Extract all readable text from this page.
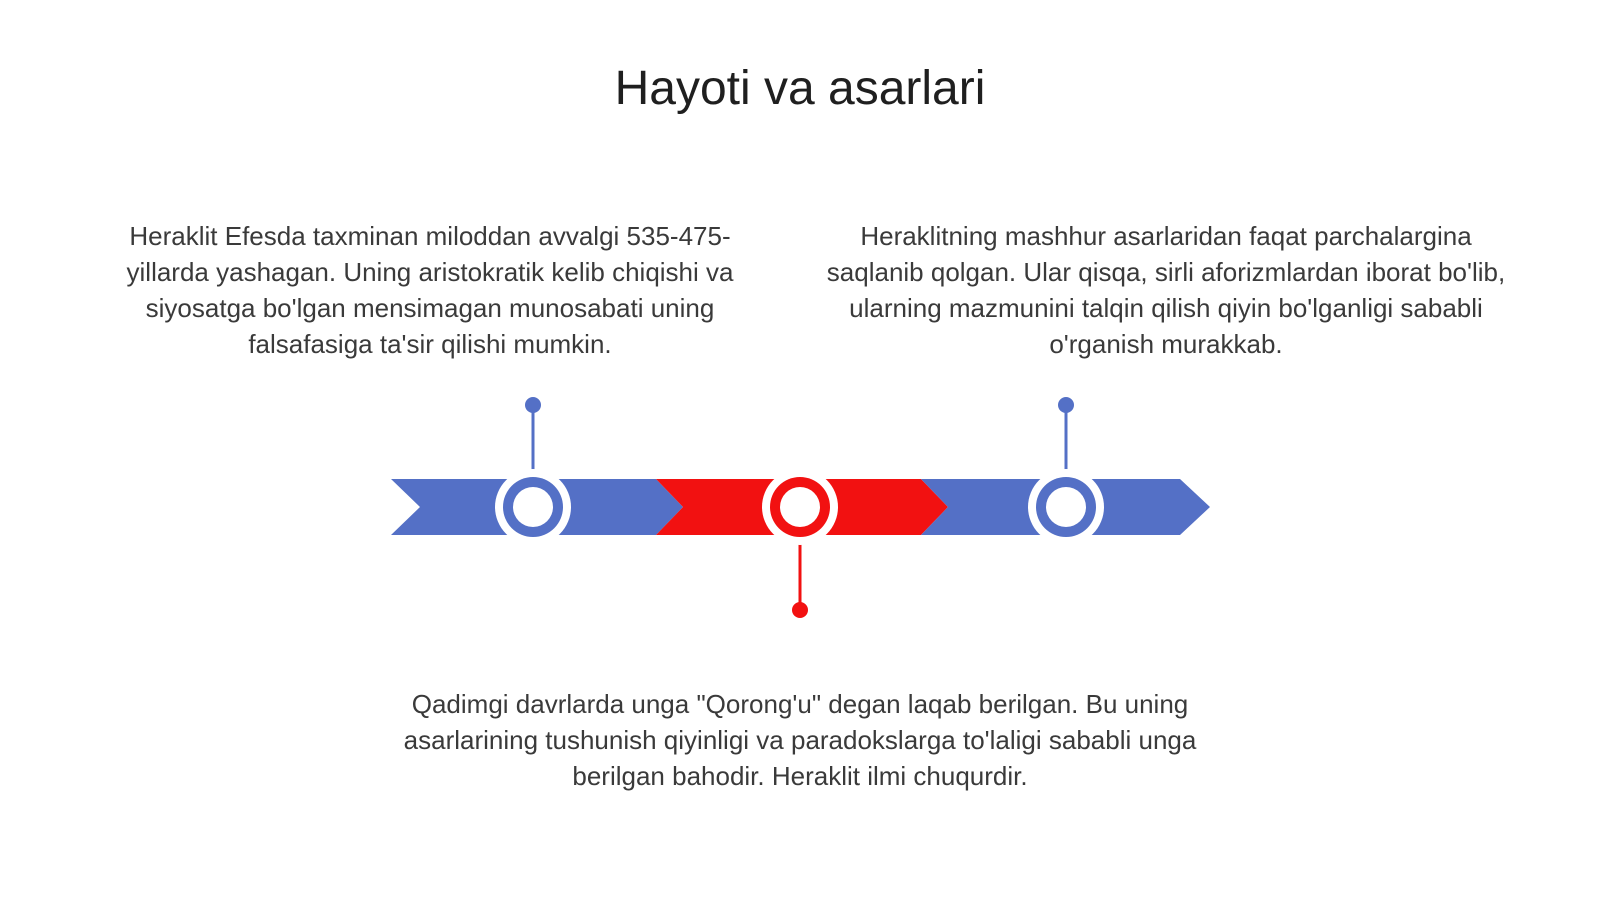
Hayoti va asarlari

Heraklit Efesda taxminan miloddan avvalgi 535-475-yillarda yashagan. Uning aristokratik kelib chiqishi va siyosatga bo'lgan mensimagan munosabati uning falsafasiga ta'sir qilishi mumkin.

Heraklitning mashhur asarlaridan faqat parchalargina saqlanib qolgan. Ular qisqa, sirli aforizmlardan iborat bo'lib, ularning mazmunini talqin qilish qiyin bo'lganligi sababli o'rganish murakkab.

Qadimgi davrlarda unga "Qorong'u" degan laqab berilgan. Bu uning asarlarining tushunish qiyinligi va paradokslarga to'laligi sababli unga berilgan bahodir. Heraklit ilmi chuqurdir.
